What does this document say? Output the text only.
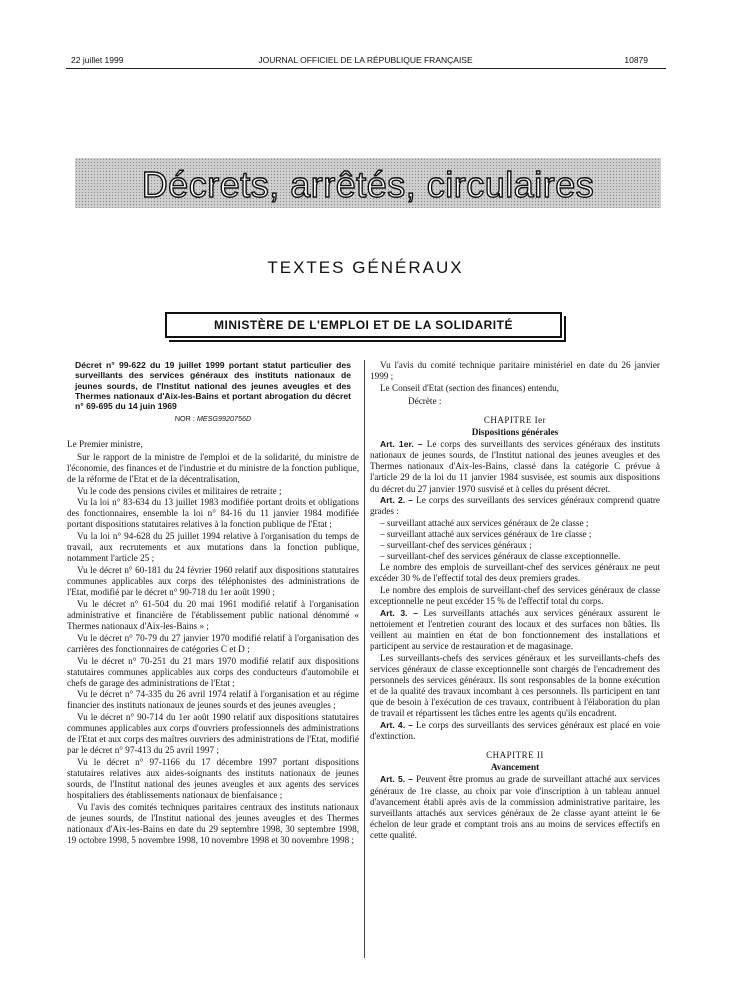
22 juillet 1999	JOURNAL OFFICIEL DE LA RÉPUBLIQUE FRANÇAISE	10879
Décrets, arrêtés, circulaires
TEXTES GÉNÉRAUX
MINISTÈRE DE L'EMPLOI ET DE LA SOLIDARITÉ
Décret n° 99-622 du 19 juillet 1999 portant statut particulier des surveillants des services généraux des instituts nationaux de jeunes sourds, de l'Institut national des jeunes aveugles et des Thermes nationaux d'Aix-les-Bains et portant abrogation du décret n° 69-695 du 14 juin 1969
NOR : MESG9920756D

Le Premier ministre,

Sur le rapport de la ministre de l'emploi et de la solidarité, du ministre de l'économie, des finances et de l'industrie et du ministre de la fonction publique, de la réforme de l'Etat et de la décentralisation,

Vu le code des pensions civiles et militaires de retraite ;

Vu la loi n° 83-634 du 13 juillet 1983 modifiée portant droits et obligations des fonctionnaires, ensemble la loi n° 84-16 du 11 janvier 1984 modifiée portant dispositions statutaires relatives à la fonction publique de l'Etat ;

Vu la loi n° 94-628 du 25 juillet 1994 relative à l'organisation du temps de travail, aux recrutements et aux mutations dans la fonction publique, notamment l'article 25 ;

Vu le décret n° 60-181 du 24 février 1960 relatif aux dispositions statutaires communes applicables aux corps des téléphonistes des administrations de l'Etat, modifié par le décret n° 90-718 du 1er août 1990 ;

Vu le décret n° 61-504 du 20 mai 1961 modifié relatif à l'organisation administrative et financière de l'établissement public national dénommé « Thermes nationaux d'Aix-les-Bains » ;

Vu le décret n° 70-79 du 27 janvier 1970 modifié relatif à l'organisation des carrières des fonctionnaires de catégories C et D ;

Vu le décret n° 70-251 du 21 mars 1970 modifié relatif aux dispositions statutaires communes applicables aux corps des conducteurs d'automobile et chefs de garage des administrations de l'Etat ;

Vu le décret n° 74-335 du 26 avril 1974 relatif à l'organisation et au régime financier des instituts nationaux de jeunes sourds et des jeunes aveugles ;

Vu le décret n° 90-714 du 1er août 1990 relatif aux dispositions statutaires communes applicables aux corps d'ouvriers professionnels des administrations de l'Etat et aux corps des maîtres ouvriers des administrations de l'Etat, modifié par le décret n° 97-413 du 25 avril 1997 ;

Vu le décret n° 97-1166 du 17 décembre 1997 portant dispositions statutaires relatives aux aides-soignants des instituts nationaux de jeunes sourds, de l'Institut national des jeunes aveugles et aux agents des services hospitaliers des établissements nationaux de bienfaisance ;

Vu l'avis des comités techniques paritaires centraux des instituts nationaux de jeunes sourds, de l'Institut national des jeunes aveugles et des Thermes nationaux d'Aix-les-Bains en date du 29 septembre 1998, 30 septembre 1998, 19 octobre 1998, 5 novembre 1998, 10 novembre 1998 et 30 novembre 1998 ;

Vu l'avis du comité technique paritaire ministériel en date du 26 janvier 1999 ;

Le Conseil d'Etat (section des finances) entendu,

Décrète :

CHAPITRE Ier

Dispositions générales

Art. 1er. – Le corps des surveillants des services généraux des instituts nationaux de jeunes sourds, de l'Institut national des jeunes aveugles et des Thermes nationaux d'Aix-les-Bains, classé dans la catégorie C prévue à l'article 29 de la loi du 11 janvier 1984 susvisée, est soumis aux dispositions du décret du 27 janvier 1970 susvisé et à celles du présent décret.

Art. 2. – Le corps des surveillants des services généraux comprend quatre grades :

– surveillant attaché aux services généraux de 2e classe ;

– surveillant attaché aux services généraux de 1re classe ;

– surveillant-chef des services généraux ;

– surveillant-chef des services généraux de classe exceptionnelle.

Le nombre des emplois de surveillant-chef des services généraux ne peut excéder 30 % de l'effectif total des deux premiers grades.

Le nombre des emplois de surveillant-chef des services généraux de classe exceptionnelle ne peut excéder 15 % de l'effectif total du corps.

Art. 3. – Les surveillants attachés aux services généraux assurent le nettoiement et l'entretien courant des locaux et des surfaces non bâties. Ils veillent au maintien en état de bon fonctionnement des installations et participent au service de restauration et de magasinage.

Les surveillants-chefs des services généraux et les surveillants-chefs des services généraux de classe exceptionnelle sont chargés de l'encadrement des personnels des services généraux. Ils sont responsables de la bonne exécution et de la qualité des travaux incombant à ces personnels. Ils participent en tant que de besoin à l'exécution de ces travaux, contribuent à l'élaboration du plan de travail et répartissent les tâches entre les agents qu'ils encadrent.

Art. 4. – Le corps des surveillants des services généraux est placé en voie d'extinction.

CHAPITRE II

Avancement

Art. 5. – Peuvent être promus au grade de surveillant attaché aux services généraux de 1re classe, au choix par voie d'inscription à un tableau annuel d'avancement établi après avis de la commission administrative paritaire, les surveillants attachés aux services généraux de 2e classe ayant atteint le 6e échelon de leur grade et comptant trois ans au moins de services effectifs en cette qualité.
